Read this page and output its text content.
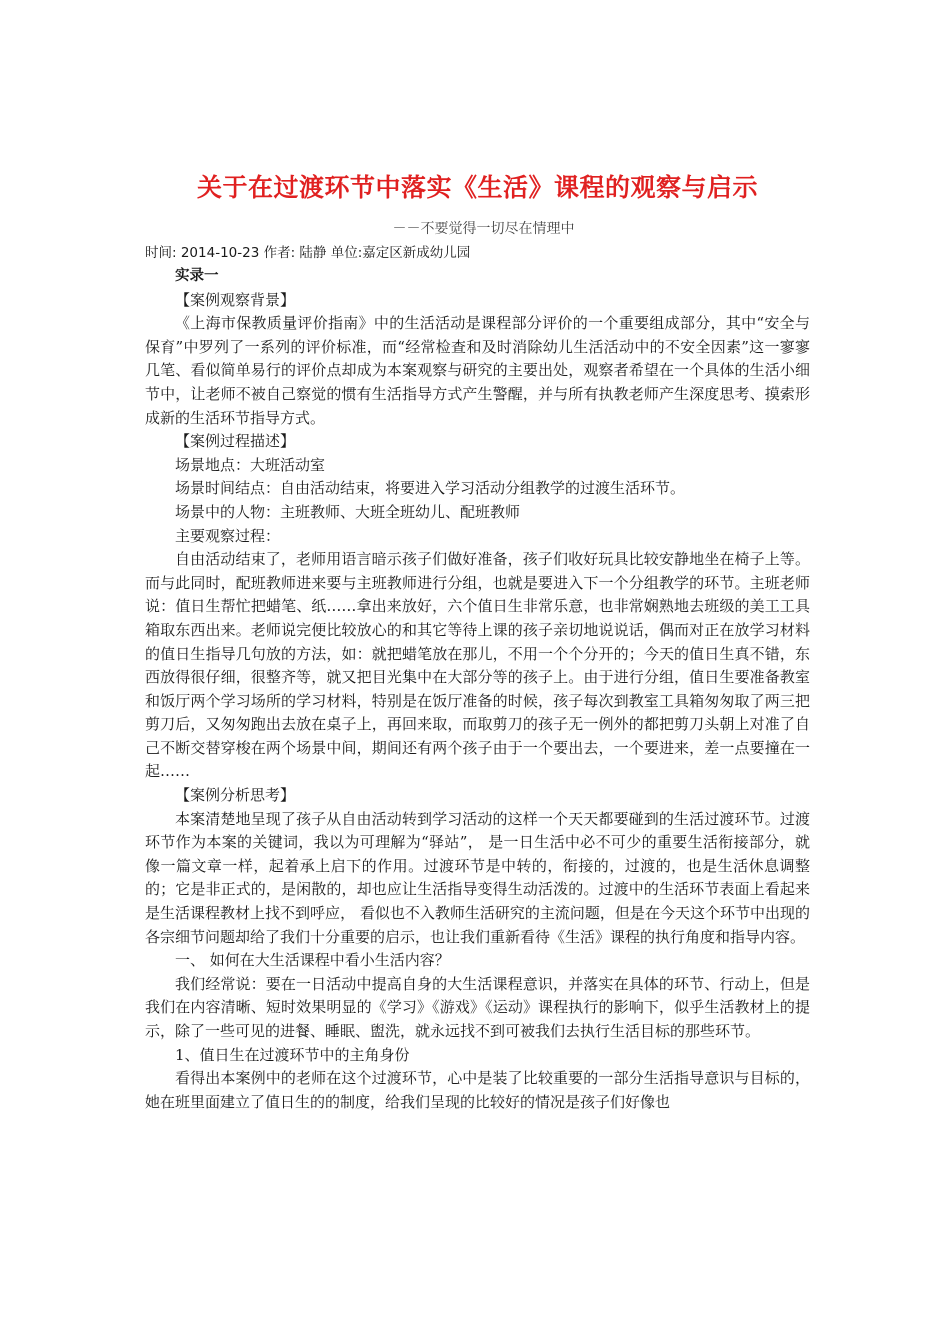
关于在过渡环节中落实《生活》课程的观察与启示
－－不要觉得一切尽在情理中
时间: 2014-10-23 作者: 陆静 单位:嘉定区新成幼儿园

实录一

【案例观察背景】

《上海市保教质量评价指南》中的生活活动是课程部分评价的一个重要组成部分，其中“安全与保育”中罗列了一系列的评价标准，而“经常检查和及时消除幼儿生活活动中的不安全因素”这一寥寥几笔、看似简单易行的评价点却成为本案观察与研究的主要出处，观察者希望在一个具体的生活小细节中，让老师不被自己察觉的惯有生活指导方式产生警醒，并与所有执教老师产生深度思考、摸索形成新的生活环节指导方式。

【案例过程描述】

场景地点：大班活动室

场景时间结点：自由活动结束，将要进入学习活动分组教学的过渡生活环节。

场景中的人物：主班教师、大班全班幼儿、配班教师

主要观察过程：

自由活动结束了，老师用语言暗示孩子们做好准备，孩子们收好玩具比较安静地坐在椅子上等。而与此同时，配班教师进来要与主班教师进行分组，也就是要进入下一个分组教学的环节。主班老师说：值日生帮忙把蜡笔、纸……拿出来放好，六个值日生非常乐意，也非常娴熟地去班级的美工工具箱取东西出来。老师说完便比较放心的和其它等待上课的孩子亲切地说说话，偶而对正在放学习材料的值日生指导几句放的方法，如：就把蜡笔放在那儿，不用一个个分开的；今天的值日生真不错，东西放得很仔细，很整齐等，就又把目光集中在大部分等的孩子上。由于进行分组，值日生要准备教室和饭厅两个学习场所的学习材料，特别是在饭厅准备的时候，孩子每次到教室工具箱匆匆取了两三把剪刀后，又匆匆跑出去放在桌子上，再回来取，而取剪刀的孩子无一例外的都把剪刀头朝上对准了自己不断交替穿梭在两个场景中间，期间还有两个孩子由于一个要出去，一个要进来，差一点要撞在一起……

【案例分析思考】

本案清楚地呈现了孩子从自由活动转到学习活动的这样一个天天都要碰到的生活过渡环节。过渡环节作为本案的关键词，我以为可理解为“驿站”， 是一日生活中必不可少的重要生活衔接部分，就像一篇文章一样，起着承上启下的作用。过渡环节是中转的，衔接的，过渡的，也是生活休息调整的；它是非正式的，是闲散的，却也应让生活指导变得生动活泼的。过渡中的生活环节表面上看起来是生活课程教材上找不到呼应， 看似也不入教师生活研究的主流问题，但是在今天这个环节中出现的各宗细节问题却给了我们十分重要的启示，也让我们重新看待《生活》课程的执行角度和指导内容。

一、 如何在大生活课程中看小生活内容？

我们经常说：要在一日活动中提高自身的大生活课程意识，并落实在具体的环节、行动上，但是我们在内容清晰、短时效果明显的《学习》《游戏》《运动》课程执行的影响下，似乎生活教材上的提示，除了一些可见的进餐、睡眠、盥洗，就永远找不到可被我们去执行生活目标的那些环节。

1、值日生在过渡环节中的主角身份

看得出本案例中的老师在这个过渡环节，心中是装了比较重要的一部分生活指导意识与目标的，她在班里面建立了值日生的的制度，给我们呈现的比较好的情况是孩子们好像也
